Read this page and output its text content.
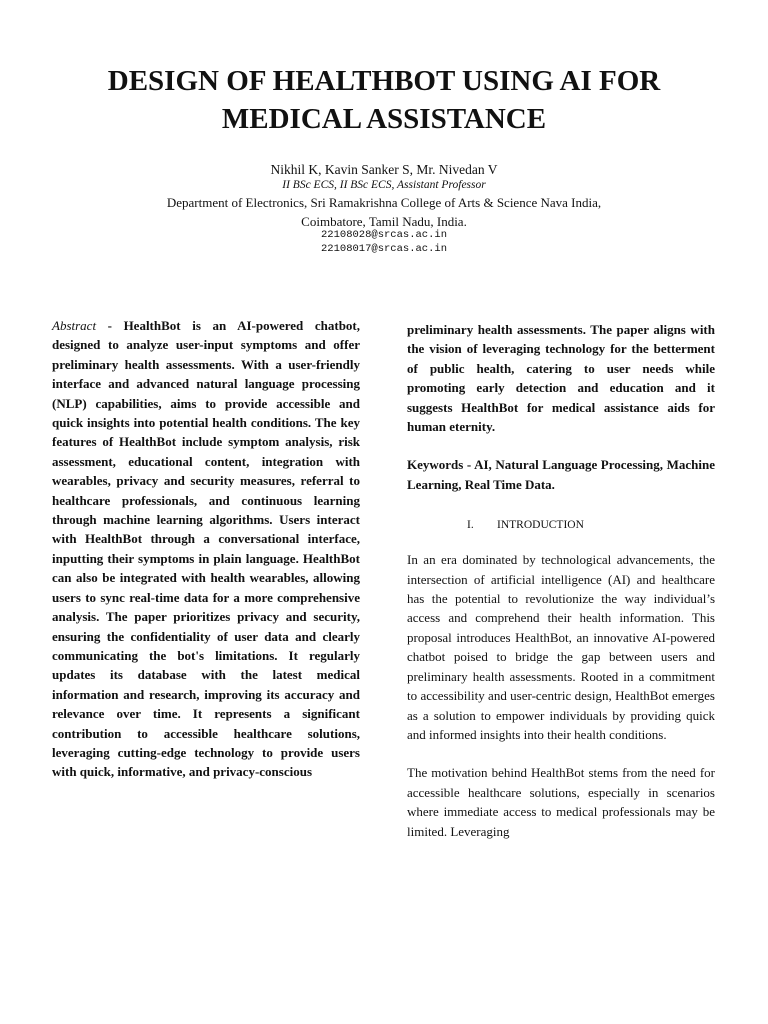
DESIGN OF HEALTHBOT USING AI FOR
MEDICAL ASSISTANCE
Nikhil K, Kavin Sanker S, Mr. Nivedan V
II BSc ECS, II BSc ECS, Assistant Professor
Department of Electronics, Sri Ramakrishna College of Arts & Science Nava India,
Coimbatore, Tamil Nadu, India.
22108028@srcas.ac.in
22108017@srcas.ac.in

Abstract - HealthBot is an AI-powered chatbot, designed to analyze user-input symptoms and offer preliminary health assessments. With a user-friendly interface and advanced natural language processing (NLP) capabilities, aims to provide accessible and quick insights into potential health conditions. The key features of HealthBot include symptom analysis, risk assessment, educational content, integration with wearables, privacy and security measures, referral to healthcare professionals, and continuous learning through machine learning algorithms. Users interact with HealthBot through a conversational interface, inputting their symptoms in plain language. HealthBot can also be integrated with health wearables, allowing users to sync real-time data for a more comprehensive analysis. The paper prioritizes privacy and security, ensuring the confidentiality of user data and clearly communicating the bot's limitations. It regularly updates its database with the latest medical information and research, improving its accuracy and relevance over time. It represents a significant contribution to accessible healthcare solutions, leveraging cutting-edge technology to provide users with quick, informative, and privacy-conscious

preliminary health assessments. The paper aligns with the vision of leveraging technology for the betterment of public health, catering to user needs while promoting early detection and education and it suggests HealthBot for medical assistance aids for human eternity.

Keywords - AI, Natural Language Processing, Machine Learning, Real Time Data.

I. INTRODUCTION

In an era dominated by technological advancements, the intersection of artificial intelligence (AI) and healthcare has the potential to revolutionize the way individual’s access and comprehend their health information. This proposal introduces HealthBot, an innovative AI-powered chatbot poised to bridge the gap between users and preliminary health assessments. Rooted in a commitment to accessibility and user-centric design, HealthBot emerges as a solution to empower individuals by providing quick and informed insights into their health conditions.

The motivation behind HealthBot stems from the need for accessible healthcare solutions, especially in scenarios where immediate access to medical professionals may be limited. Leveraging
